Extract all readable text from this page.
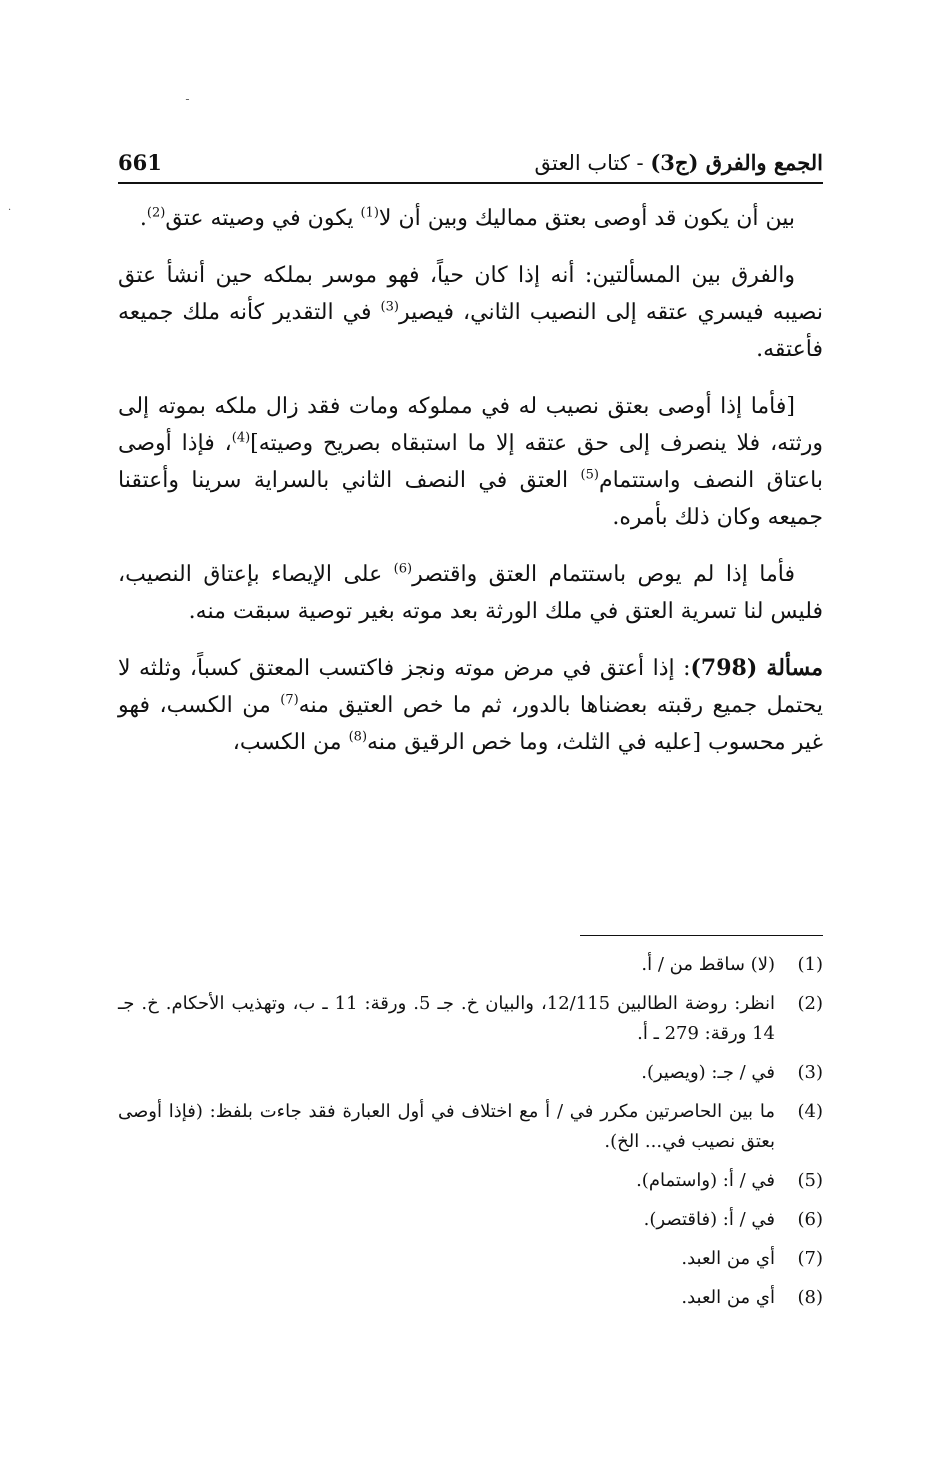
ـ
·
الجمع والفرق (ج3) - كتاب العتق
661

بين أن يكون قد أوصى بعتق مماليك وبين أن لا$^{(1)}$ يكون في وصيته عتق$^{(2)}$.

والفرق بين المسألتين: أنه إذا كان حياً، فهو موسر بملكه حين أنشأ عتق نصيبه فيسري عتقه إلى النصيب الثاني، فيصير$^{(3)}$ في التقدير كأنه ملك جميعه فأعتقه.

[فأما إذا أوصى بعتق نصيب له في مملوكه ومات فقد زال ملكه بموته إلى ورثته، فلا ينصرف إلى حق عتقه إلا ما استبقاه بصريح وصيته]$^{(4)}$، فإذا أوصى باعتاق النصف واستتمام$^{(5)}$ العتق في النصف الثاني بالسراية سرينا وأعتقنا جميعه وكان ذلك بأمره.

فأما إذا لم يوص باستتمام العتق واقتصر$^{(6)}$ على الإيصاء بإعتاق النصيب، فليس لنا تسرية العتق في ملك الورثة بعد موته بغير توصية سبقت منه.

مسألة (798): إذا أعتق في مرض موته ونجز فاكتسب المعتق كسباً، وثلثه لا يحتمل جميع رقبته بعضناها بالدور، ثم ما خص العتيق منه$^{(7)}$ من الكسب، فهو غير محسوب [عليه في الثلث، وما خص الرقيق منه$^{(8)}$ من الكسب،

(1)
(لا) ساقط من / أ.
(2)
انظر: روضة الطالبين 12/115، والبيان خ. جـ 5. ورقة: 11 ـ ب، وتهذيب الأحكام. خ. جـ 14 ورقة: 279 ـ أ.
(3)
في / جـ: (ويصير).
(4)
ما بين الحاصرتين مكرر في / أ مع اختلاف في أول العبارة فقد جاءت بلفظ: (فإذا أوصى بعتق نصيب في... الخ).
(5)
في / أ: (واستمام).
(6)
في / أ: (فاقتصر).
(7)
أي من العبد.
(8)
أي من العبد.
